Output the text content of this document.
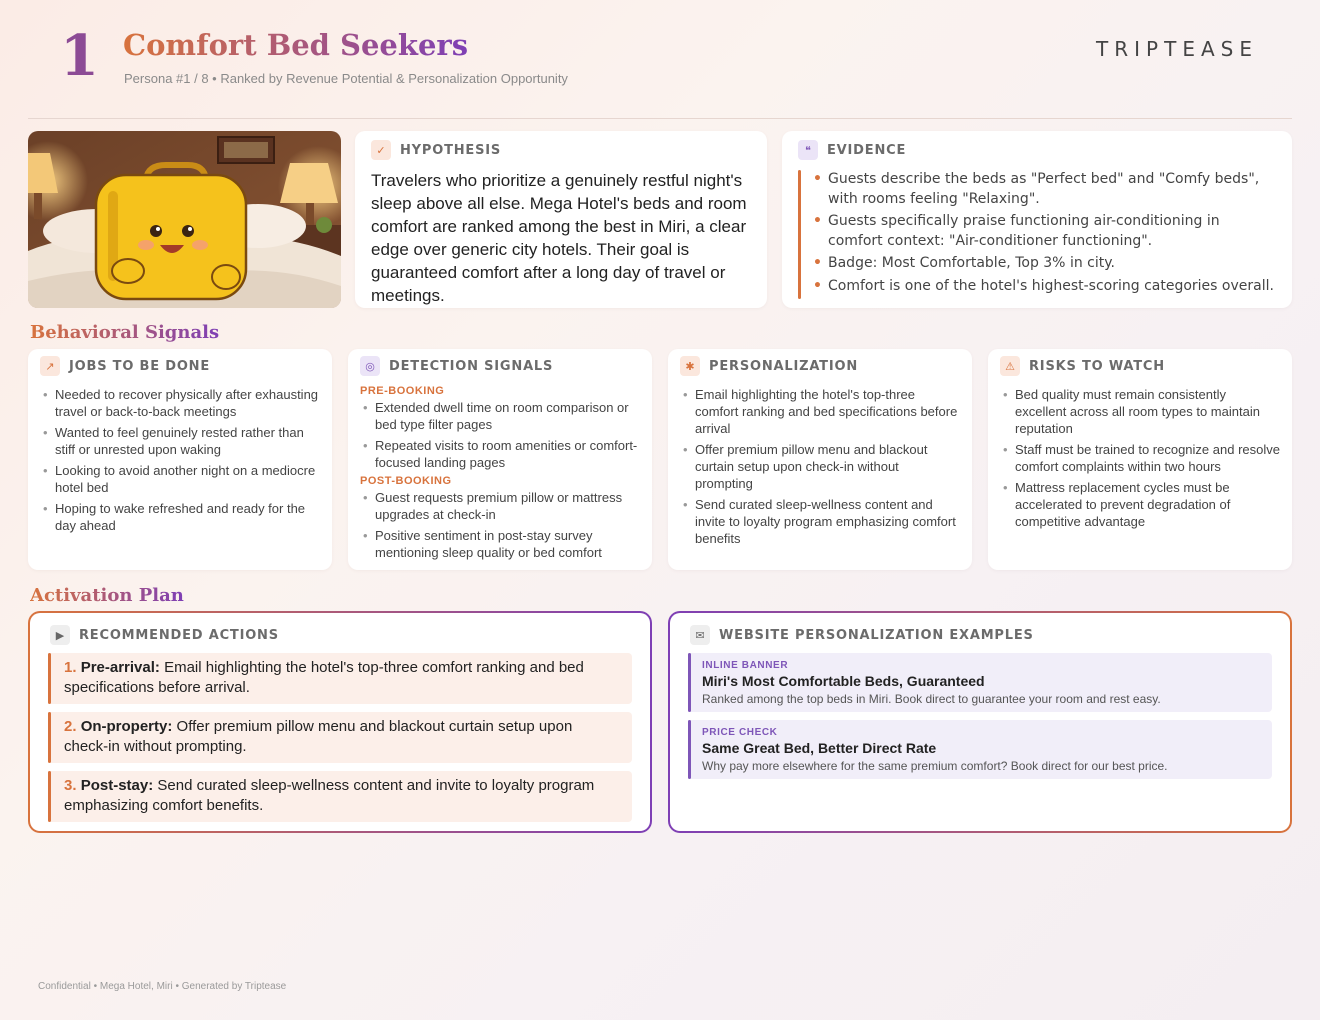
1 Comfort Bed Seekers
Persona #1 / 8 • Ranked by Revenue Potential & Personalization Opportunity
TRIPTEASE
✓	HYPOTHESIS
Travelers who prioritize a genuinely restful night's sleep above all else. Mega Hotel's beds and room comfort are ranked among the best in Miri, a clear edge over generic city hotels. Their goal is guaranteed comfort after a long day of travel or meetings.
❝	EVIDENCE
• Guests describe the beds as "Perfect bed" and "Comfy beds", with rooms feeling "Relaxing".
• Guests specifically praise functioning air-conditioning in comfort context: "Air-conditioner functioning".
• Badge: Most Comfortable, Top 3% in city.
• Comfort is one of the hotel's highest-scoring categories overall.
Behavioral Signals
↗	JOBS TO BE DONE
• Needed to recover physically after exhausting travel or back-to-back meetings
• Wanted to feel genuinely rested rather than stiff or unrested upon waking
• Looking to avoid another night on a mediocre hotel bed
• Hoping to wake refreshed and ready for the day ahead
◎	DETECTION SIGNALS
PRE-BOOKING
• Extended dwell time on room comparison or bed type filter pages
• Repeated visits to room amenities or comfort-focused landing pages
POST-BOOKING
• Guest requests premium pillow or mattress upgrades at check-in
• Positive sentiment in post-stay survey mentioning sleep quality or bed comfort
✱	PERSONALIZATION
• Email highlighting the hotel's top-three comfort ranking and bed specifications before arrival
• Offer premium pillow menu and blackout curtain setup upon check-in without prompting
• Send curated sleep-wellness content and invite to loyalty program emphasizing comfort benefits
⚠	RISKS TO WATCH
• Bed quality must remain consistently excellent across all room types to maintain reputation
• Staff must be trained to recognize and resolve comfort complaints within two hours
• Mattress replacement cycles must be accelerated to prevent degradation of competitive advantage
Activation Plan
▶	RECOMMENDED ACTIONS
1. Pre-arrival: Email highlighting the hotel's top-three comfort ranking and bed specifications before arrival.
2. On-property: Offer premium pillow menu and blackout curtain setup upon check-in without prompting.
3. Post-stay: Send curated sleep-wellness content and invite to loyalty program emphasizing comfort benefits.
✉	WEBSITE PERSONALIZATION EXAMPLES
INLINE BANNER
Miri's Most Comfortable Beds, Guaranteed
Ranked among the top beds in Miri. Book direct to guarantee your room and rest easy.
PRICE CHECK
Same Great Bed, Better Direct Rate
Why pay more elsewhere for the same premium comfort? Book direct for our best price.
Confidential • Mega Hotel, Miri • Generated by Triptease
